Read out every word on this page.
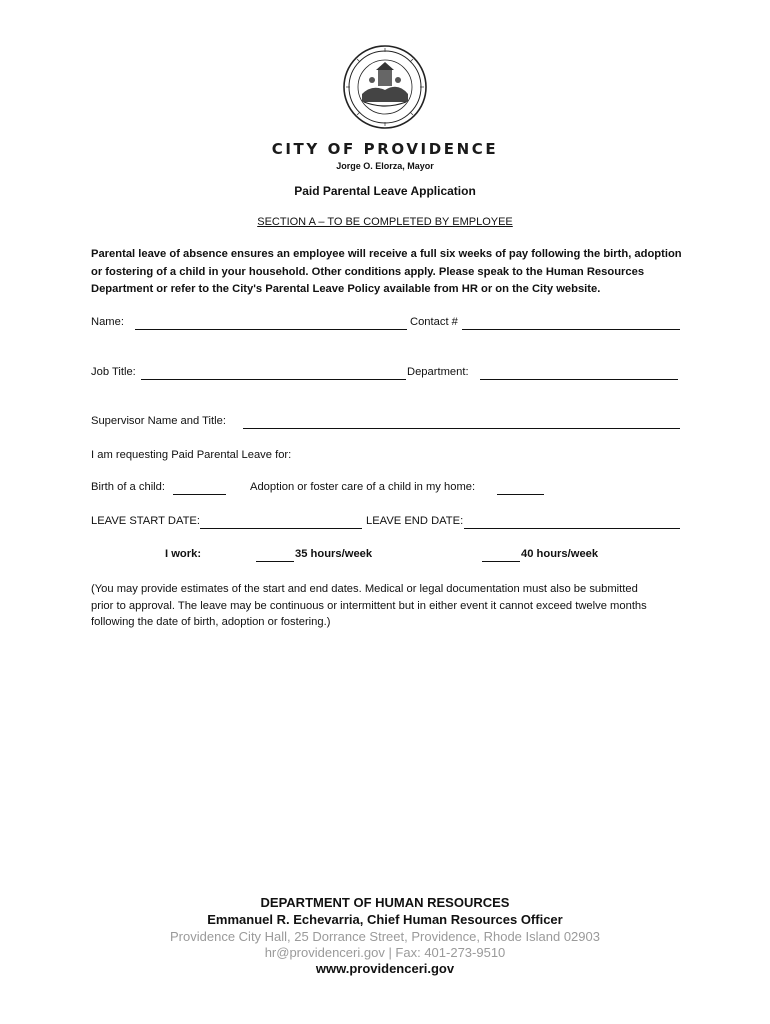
CITY OF PROVIDENCE
Jorge O. Elorza, Mayor
Paid Parental Leave Application
SECTION A – TO BE COMPLETED BY EMPLOYEE
Parental leave of absence ensures an employee will receive a full six weeks of pay following the birth, adoption or fostering of a child in your household. Other conditions apply. Please speak to the Human Resources Department or refer to the City's Parental Leave Policy available from HR or on the City website.
Name:	Contact #
Job Title:	Department:
Supervisor Name and Title:
I am requesting Paid Parental Leave for:
Birth of a child:	Adoption or foster care of a child in my home:
LEAVE START DATE:	LEAVE END DATE:
I work:	35 hours/week	40 hours/week
(You may provide estimates of the start and end dates. Medical or legal documentation must also be submitted prior to approval. The leave may be continuous or intermittent but in either event it cannot exceed twelve months following the date of birth, adoption or fostering.)
DEPARTMENT OF HUMAN RESOURCES
Emmanuel R. Echevarria, Chief Human Resources Officer
Providence City Hall, 25 Dorrance Street, Providence, Rhode Island 02903
hr@providenceri.gov | Fax: 401-273-9510
www.providenceri.gov
